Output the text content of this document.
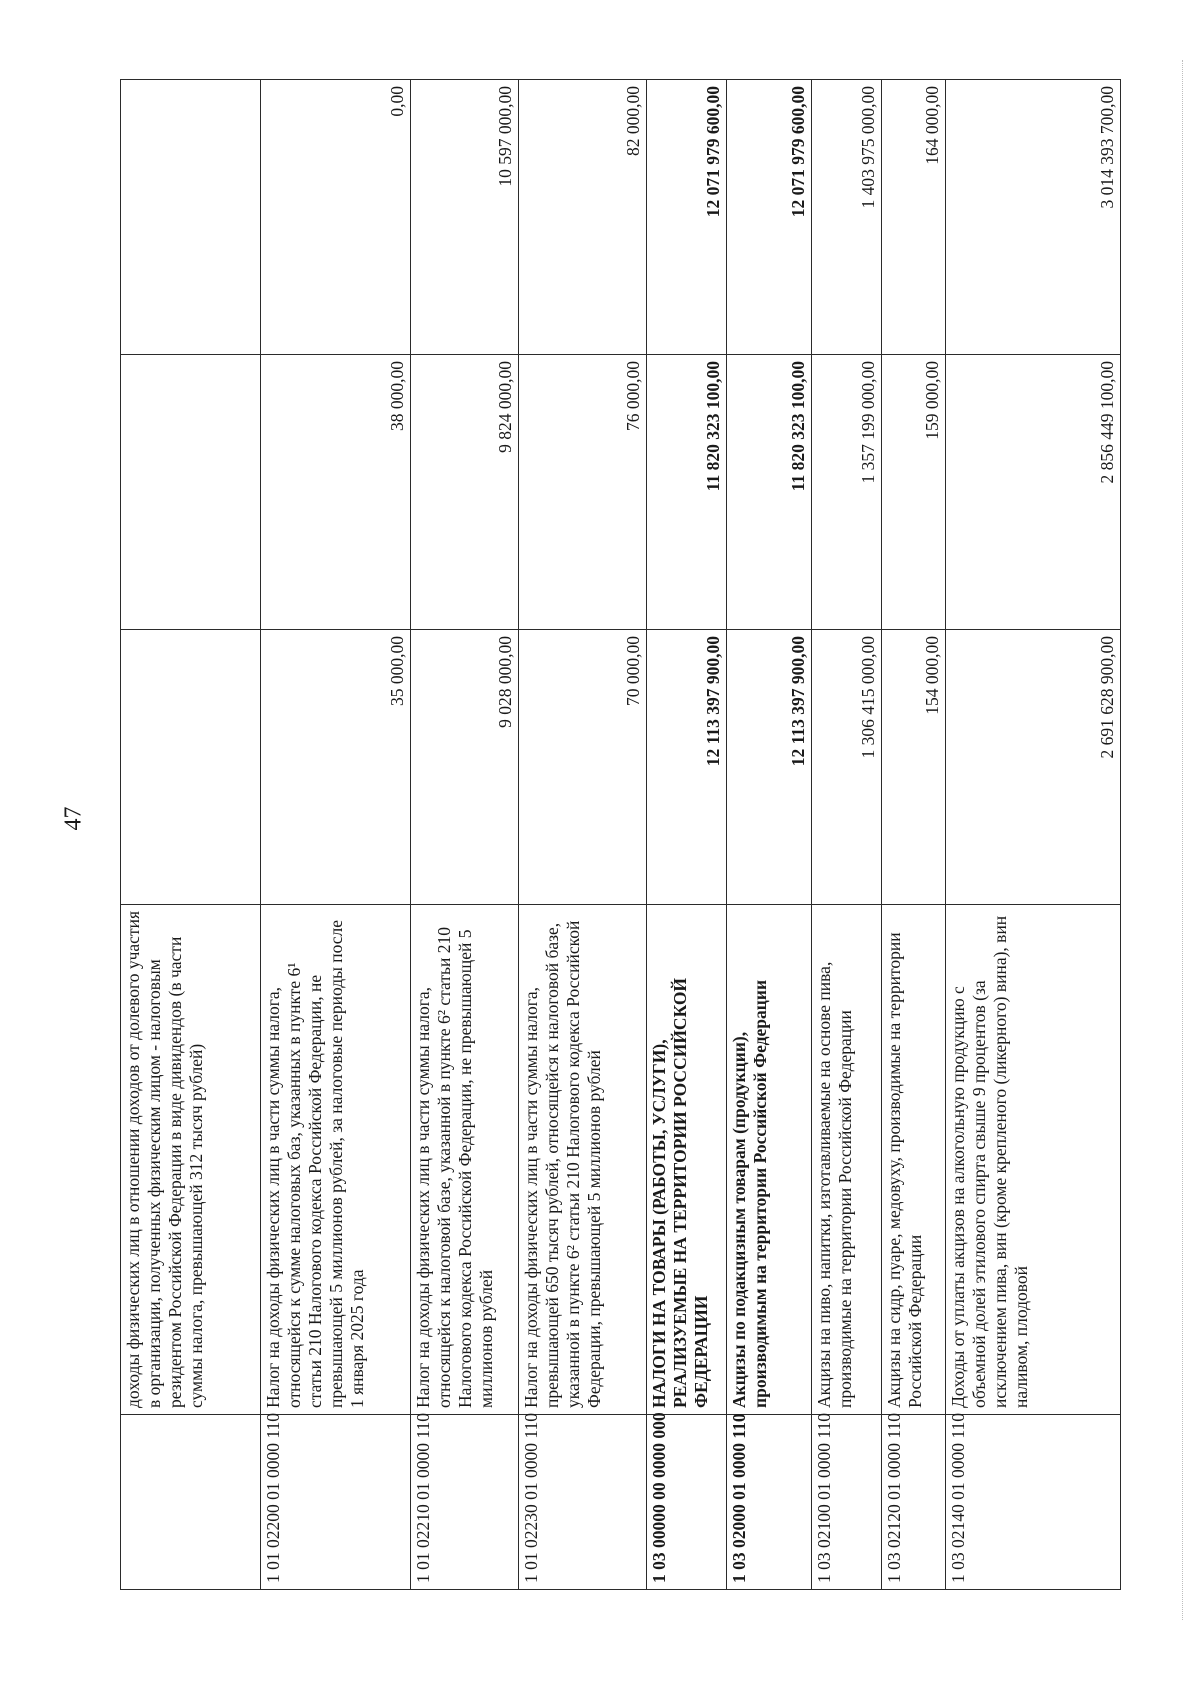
47
	доходы физических лиц в отношении доходов от долевого участия в организации, полученных физическим лицом - налоговым резидентом Российской Федерации в виде дивидендов (в части суммы налога, превышающей 312 тысяч рублей)			
1 01 02200 01 0000 110	Налог на доходы физических лиц в части суммы налога, относящейся к сумме налоговых баз, указанных в пункте 6¹ статьи 210 Налогового кодекса Российской Федерации, не превышающей 5 миллионов рублей, за налоговые периоды после 1 января 2025 года	35 000,00	38 000,00	0,00
1 01 02210 01 0000 110	Налог на доходы физических лиц в части суммы налога, относящейся к налоговой базе, указанной в пункте 6² статьи 210 Налогового кодекса Российской Федерации, не превышающей 5 миллионов рублей	9 028 000,00	9 824 000,00	10 597 000,00
1 01 02230 01 0000 110	Налог на доходы физических лиц в части суммы налога, превышающей 650 тысяч рублей, относящейся к налоговой базе, указанной в пункте 6² статьи 210 Налогового кодекса Российской Федерации, превышающей 5 миллионов рублей	70 000,00	76 000,00	82 000,00
1 03 00000 00 0000 000	НАЛОГИ НА ТОВАРЫ (РАБОТЫ, УСЛУГИ), РЕАЛИЗУЕМЫЕ НА ТЕРРИТОРИИ РОССИЙСКОЙ ФЕДЕРАЦИИ	12 113 397 900,00	11 820 323 100,00	12 071 979 600,00
1 03 02000 01 0000 110	Акцизы по подакцизным товарам (продукции), производимым на территории Российской Федерации	12 113 397 900,00	11 820 323 100,00	12 071 979 600,00
1 03 02100 01 0000 110	Акцизы на пиво, напитки, изготавливаемые на основе пива, производимые на территории Российской Федерации	1 306 415 000,00	1 357 199 000,00	1 403 975 000,00
1 03 02120 01 0000 110	Акцизы на сидр, пуаре, медовуху, производимые на территории Российской Федерации	154 000,00	159 000,00	164 000,00
1 03 02140 01 0000 110	Доходы от уплаты акцизов на алкогольную продукцию с объемной долей этилового спирта свыше 9 процентов (за исключением пива, вин (кроме крепленого (ликерного) вина), вин наливом, плодовой	2 691 628 900,00	2 856 449 100,00	3 014 393 700,00
